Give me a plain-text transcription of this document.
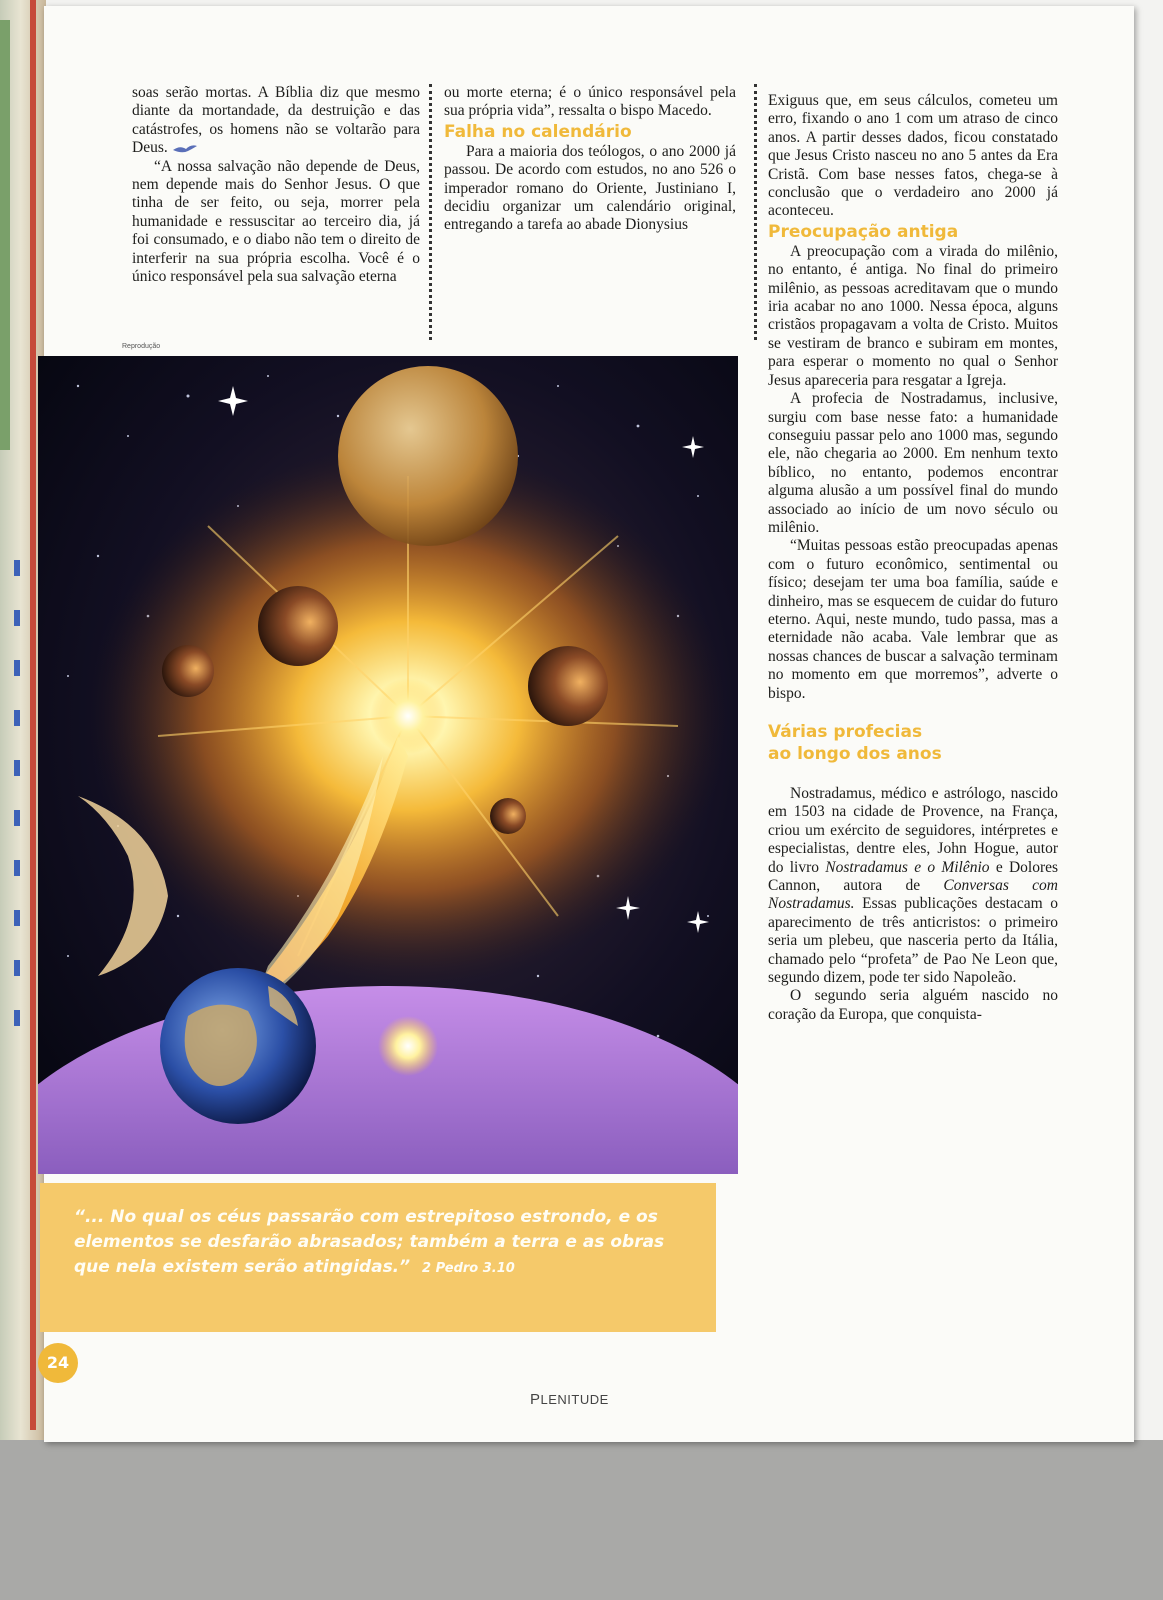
soas serão mortas. A Bíblia diz que mesmo diante da mortandade, da destruição e das catástrofes, os homens não se voltarão para Deus.

“A nossa salvação não depende de Deus, nem depende mais do Senhor Jesus. O que tinha de ser feito, ou seja, morrer pela humanidade e ressuscitar ao terceiro dia, já foi consumado, e o diabo não tem o direito de interferir na sua própria escolha. Você é o único responsável pela sua salvação eterna

ou morte eterna; é o único responsável pela sua própria vida”, ressalta o bispo Macedo.

Falha no calendário

Para a maioria dos teólogos, o ano 2000 já passou. De acordo com estudos, no ano 526 o imperador romano do Oriente, Justiniano I, decidiu organizar um calendário original, entregando a tarefa ao abade Dionysius

Exiguus que, em seus cálculos, cometeu um erro, fixando o ano 1 com um atraso de cinco anos. A partir desses dados, ficou constatado que Jesus Cristo nasceu no ano 5 antes da Era Cristã. Com base nesses fatos, chega-se à conclusão que o verdadeiro ano 2000 já aconteceu.

Preocupação antiga

A preocupação com a virada do milênio, no entanto, é antiga. No final do primeiro milênio, as pessoas acreditavam que o mundo iria acabar no ano 1000. Nessa época, alguns cristãos propagavam a volta de Cristo. Muitos se vestiram de branco e subiram em montes, para esperar o momento no qual o Senhor Jesus apareceria para resgatar a Igreja.

A profecia de Nostradamus, inclusive, surgiu com base nesse fato: a humanidade conseguiu passar pelo ano 1000 mas, segundo ele, não chegaria ao 2000. Em nenhum texto bíblico, no entanto, podemos encontrar alguma alusão a um possível final do mundo associado ao início de um novo século ou milênio.

“Muitas pessoas estão preocupadas apenas com o futuro econômico, sentimental ou físico; desejam ter uma boa família, saúde e dinheiro, mas se esquecem de cuidar do futuro eterno. Aqui, neste mundo, tudo passa, mas a eternidade não acaba. Vale lembrar que as nossas chances de buscar a salvação terminam no momento em que morremos”, adverte o bispo.

Várias profecias
ao longo dos anos

Nostradamus, médico e astrólogo, nascido em 1503 na cidade de Provence, na França, criou um exército de seguidores, intérpretes e especialistas, dentre eles, John Hogue, autor do livro Nostradamus e o Milênio e Dolores Cannon, autora de Conversas com Nostradamus. Essas publicações destacam o aparecimento de três anticristos: o primeiro seria um plebeu, que nasceria perto da Itália, chamado pelo “profeta” de Pao Ne Leon que, segundo dizem, pode ter sido Napoleão.

O segundo seria alguém nascido no coração da Europa, que conquista-

Reprodução
“... No qual os céus passarão com estrepitoso estrondo, e os elementos se desfarão abrasados; também a terra e as obras que nela existem serão atingidas.” 2 Pedro 3.10
24
PLENITUDE
